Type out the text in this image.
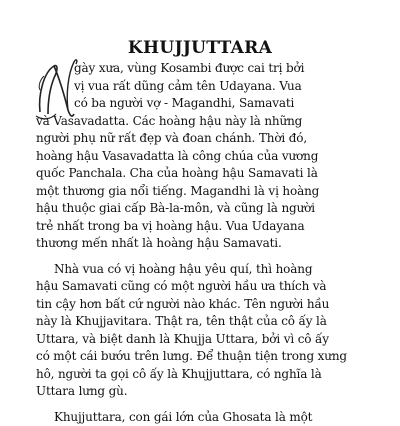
KHUJJUTTARA
gày xưa, vùng Kosambi được cai trị bởi
vị vua rất dũng cảm tên Udayana. Vua
có ba người vợ - Magandhi, Samavati
và Vasavadatta. Các hoàng hậu này là những
người phụ nữ rất đẹp và đoan chánh. Thời đó,
hoàng hậu Vasavadatta là công chúa của vương
quốc Panchala. Cha của hoàng hậu Samavati là
một thương gia nổi tiếng. Magandhi là vị hoàng
hậu thuộc giai cấp Bà-la-môn, và cũng là người
trẻ nhất trong ba vị hoàng hậu. Vua Udayana
thương mến nhất là hoàng hậu Samavati.
Nhà vua có vị hoàng hậu yêu quí, thì hoàng
hậu Samavati cũng có một người hầu ưa thích và
tin cậy hơn bất cứ người nào khác. Tên người hầu
này là Khujjavitara. Thật ra, tên thật của cô ấy là
Uttara, và biệt danh là Khujja Uttara, bởi vì cô ấy
có một cái bướu trên lưng. Để thuận tiện trong xưng
hô, người ta gọi cô ấy là Khujjuttara, có nghĩa là
Uttara lưng gù.
Khujjuttara, con gái lớn của Ghosata là một
